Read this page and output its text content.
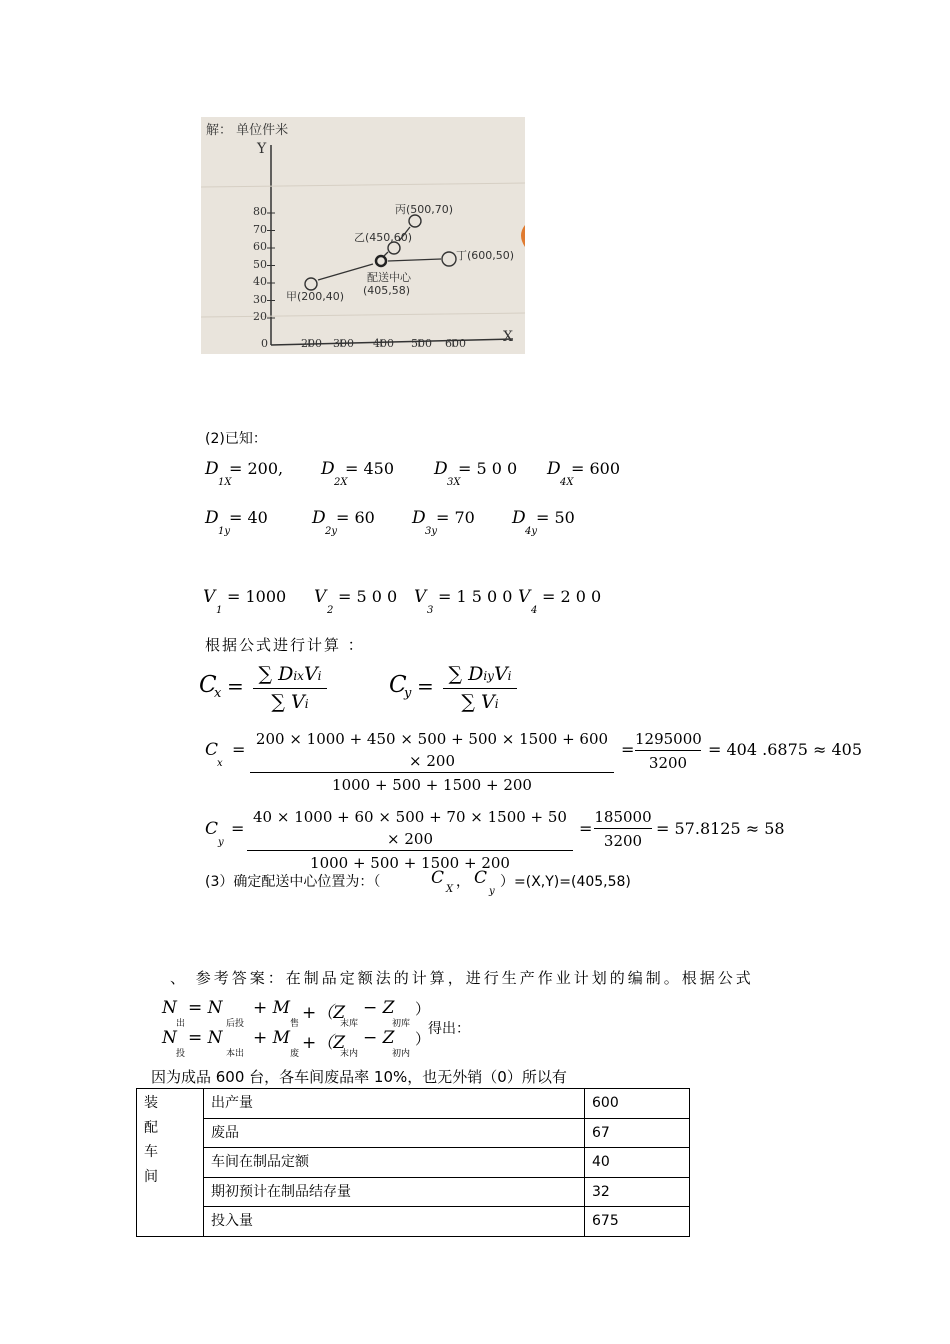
解： 单位件米
Y
X
80
70
60
50
40
30
20
0	200 300 400 500 600
甲(200,40)
乙(450,60)
丙(500,70)
丁(600,50)
配送中心
(405,58)
(2)已知：
D
1X
= 200, D
2X
= 450 D
3X
= 5 0 0 D
4X
= 600
D
1y
= 40	D
2y
= 60 D
3y
= 70 D
4y
= 50
V
1
= 1000 V
2
= 5 0 0 V
3
= 1 5 0 0 V
4
= 2 0 0
根据公式进行计算 ：
C
x = ∑ DixVi
∑ Vi
C
y = ∑ DiyVi
∑ Vi
C
x
= $\frac{200 \times 1000 + 450 \times 500 + 500 \times 1500 + 600 \times 200}{1000 + 500 + 1500 + 200} = \frac{1295000}{3200} = 404$ .6875 ≈ 405
C
y
= $\frac{40 \times 1000 + 60 \times 500 + 70 \times 1500 + 50 \times 200}{1000 + 500 + 1500 + 200} = \frac{185000}{3200} = 57.8125 \approx 58$
(3）确定配送中心位置为：（	C
X ， C
y
）=(X,Y)=(405,58)
、 参考答案：在制品定额法的计算，进行生产作业计划的编制。根据公式
N
出
= N
后投
+ M
售
+（Z
末库
− Z
初库
）
N
投
= N
本出
+ M
废
+（Z
末内
− Z
初内
）
得出：
因为成品 600 台，各车间废品率 10%，也无外销（0）所以有
装
配
车
间	出产量	600
	废品	67
	车间在制品定额	40
	期初预计在制品结存量	32
	投入量	675
